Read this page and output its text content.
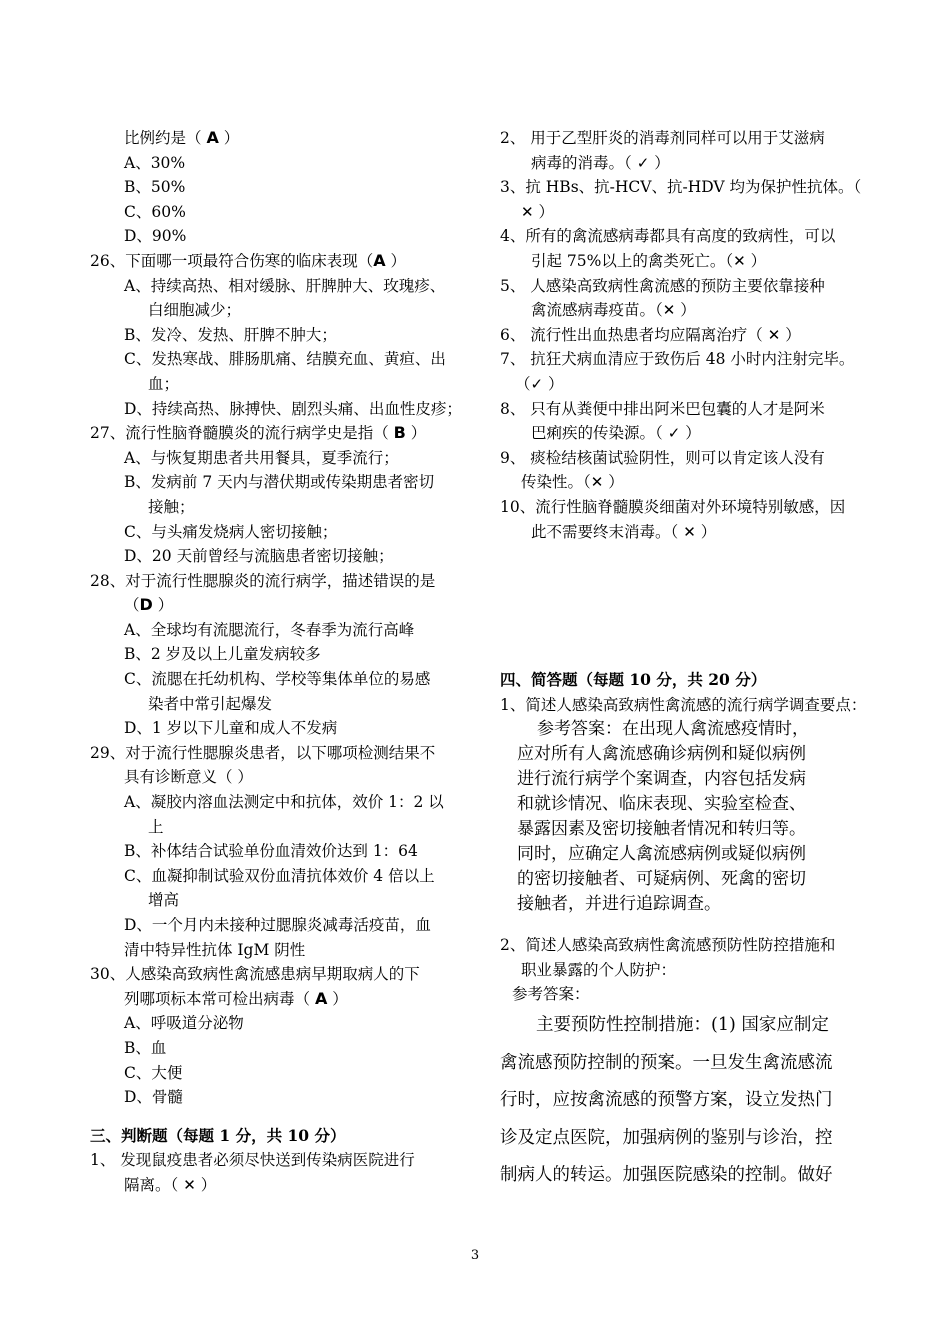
比例约是（ A ）
A、30%
B、50%
C、60%
D、90%
26、下面哪一项最符合伤寒的临床表现（A ）
A、持续高热、相对缓脉、肝脾肿大、玫瑰疹、
白细胞减少；
B、发冷、发热、肝脾不肿大；
C、发热寒战、腓肠肌痛、结膜充血、黄疸、出
血；
D、持续高热、脉搏快、剧烈头痛、出血性皮疹；
27、流行性脑脊髓膜炎的流行病学史是指（ B ）
A、与恢复期患者共用餐具，夏季流行；
B、发病前 7 天内与潜伏期或传染期患者密切
接触；
C、与头痛发烧病人密切接触；
D、20 天前曾经与流脑患者密切接触；
28、对于流行性腮腺炎的流行病学，描述错误的是
（D ）
A、全球均有流腮流行，冬春季为流行高峰
B、2 岁及以上儿童发病较多
C、流腮在托幼机构、学校等集体单位的易感
染者中常引起爆发
D、1 岁以下儿童和成人不发病
29、对于流行性腮腺炎患者，以下哪项检测结果不
具有诊断意义（ ）
A、凝胶内溶血法测定中和抗体，效价 1：2 以
上
B、补体结合试验单份血清效价达到 1：64
C、血凝抑制试验双份血清抗体效价 4 倍以上
增高
D、一个月内未接种过腮腺炎减毒活疫苗，血
清中特异性抗体 IgM 阴性
30、人感染高致病性禽流感患病早期取病人的下
列哪项标本常可检出病毒（ A ）
A、呼吸道分泌物
B、血
C、大便
D、骨髓
三、判断题（每题 1 分，共 10 分）
1、 发现鼠疫患者必须尽快送到传染病医院进行
隔离。（ ✕ ）
2、 用于乙型肝炎的消毒剂同样可以用于艾滋病
病毒的消毒。（ ✓ ）
3、抗 HBs、抗-HCV、抗-HDV 均为保护性抗体。（
✕ ）
4、所有的禽流感病毒都具有高度的致病性，可以
引起 75%以上的禽类死亡。（✕ ）
5、 人感染高致病性禽流感的预防主要依靠接种
禽流感病毒疫苗。（✕ ）
6、 流行性出血热患者均应隔离治疗（ ✕ ）
7、 抗狂犬病血清应于致伤后 48 小时内注射完毕。
（✓ ）
8、 只有从粪便中排出阿米巴包囊的人才是阿米
巴痢疾的传染源。（ ✓ ）
9、 痰检结核菌试验阴性，则可以肯定该人没有
传染性。（✕ ）
10、流行性脑脊髓膜炎细菌对外环境特别敏感，因
此不需要终末消毒。（ ✕ ）
四、简答题（每题 10 分，共 20 分）
1、简述人感染高致病性禽流感的流行病学调查要点：
参考答案：在出现人禽流感疫情时，
应对所有人禽流感确诊病例和疑似病例
进行流行病学个案调查，内容包括发病
和就诊情况、临床表现、实验室检查、
暴露因素及密切接触者情况和转归等。
同时，应确定人禽流感病例或疑似病例
的密切接触者、可疑病例、死禽的密切
接触者，并进行追踪调查。
2、简述人感染高致病性禽流感预防性防控措施和
职业暴露的个人防护：
参考答案：
主要预防性控制措施：(1) 国家应制定
禽流感预防控制的预案。一旦发生禽流感流
行时，应按禽流感的预警方案，设立发热门
诊及定点医院，加强病例的鉴别与诊治，控
制病人的转运。加强医院感染的控制。做好
3
